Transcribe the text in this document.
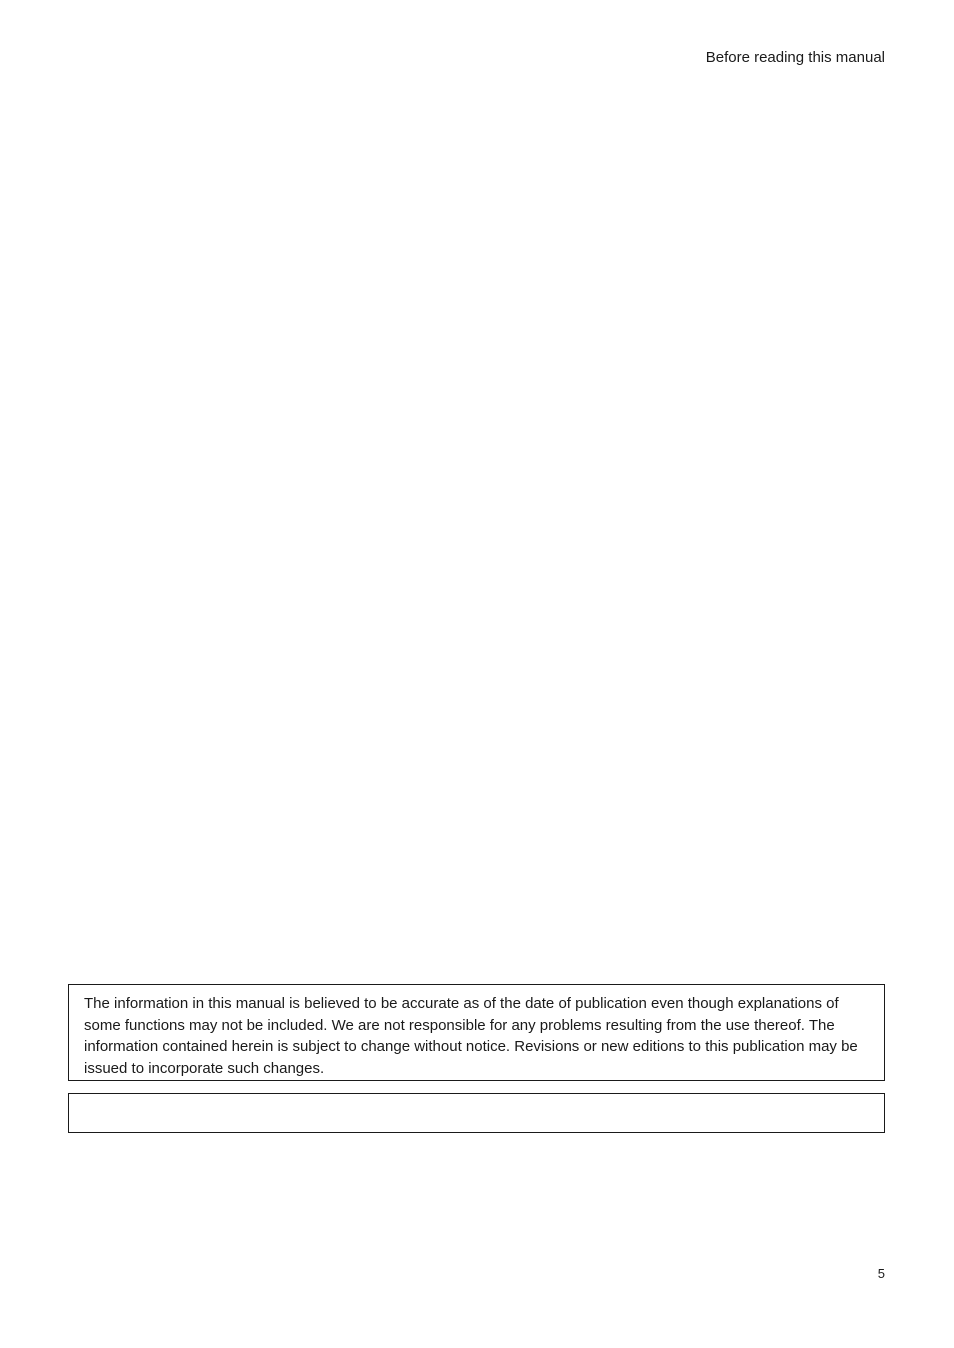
Before reading this manual

The information in this manual is believed to be accurate as of the date of publication even though explanations of some functions may not be included. We are not responsible for any problems resulting from the use thereof. The information contained herein is subject to change without notice. Revisions or new editions to this publication may be issued to incorporate such changes.

5
